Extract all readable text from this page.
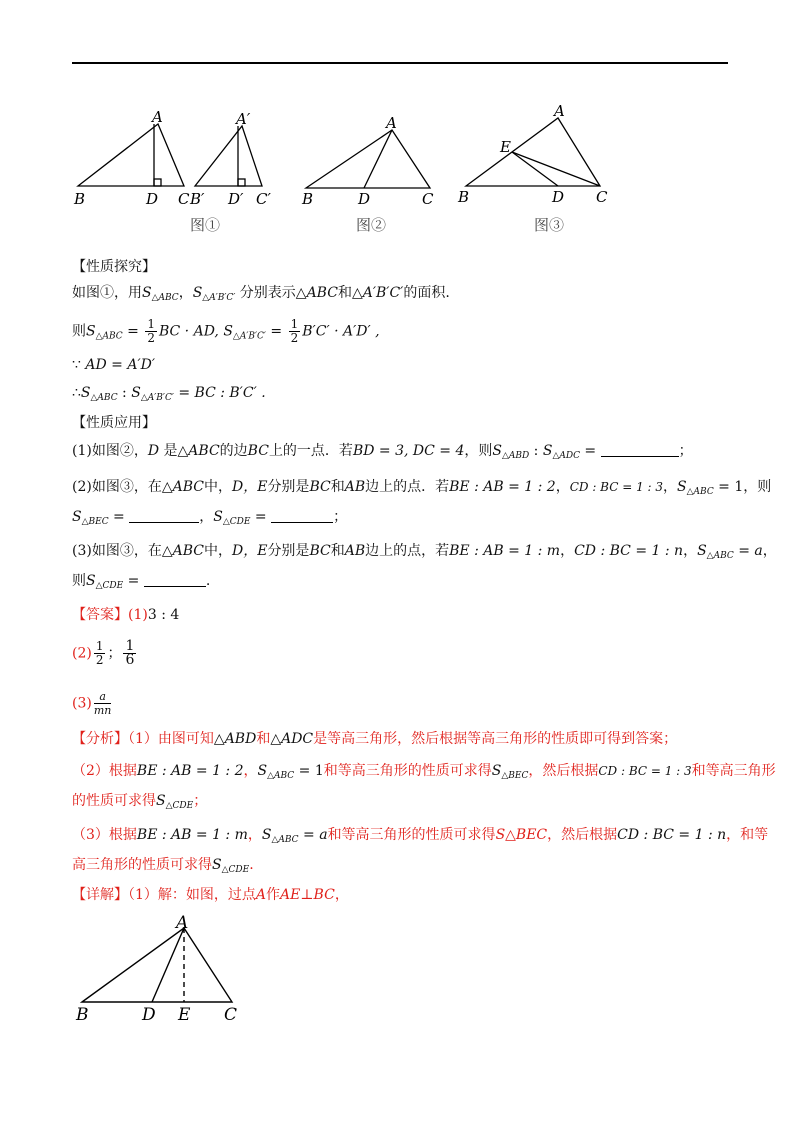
A	A′
B	D C B′ D′ C′
图①
A
B	D	C
图②
A
E
B	D C
图③
【性质探究】
如图①，用$S_{\triangle ABC}$，$S_{\triangle A'B'C'}$ 分别表示△ABC和△A′B′C′的面积.
则$S_{\triangle ABC} = \frac{1}{2}$ BC · AD, $S_{\triangle A'B'C'} = \frac{1}{2} B'C' \cdot A'D'$ ,
∵ AD = A′D′
$\therefore S_{\triangle ABC}$ : $S_{\triangle A'B'C'}$ = BC : B′C′ .
【性质应用】
(1)如图②，D 是△ABC的边BC上的一点．若BD = 3, DC = 4，则$S_{\triangle ABD}$ : $S_{\triangle ADC}$ =	；
(2)如图③，在△ABC中，D，E分别是BC和AB边上的点．若BE : AB = 1 : 2，CD : BC = 1 : 3，$S_{\triangle ABC} = 1$，则
$S_{\triangle BEC}$ =	，$S_{\triangle CDE}$ =	；
(3)如图③，在△ABC中，D，E分别是BC和AB边上的点，若BE : AB = 1 : m，CD : BC = 1 : n，$S_{\triangle ABC} = a$，
则$S_{\triangle CDE}$ =	.
【答案】(1)3 : 4
$(2) \frac{1}{2}$ ； $\frac{1}{6}$
$(3) \frac{a}{mn}$
【分析】（1）由图可知△ABD和△ADC是等高三角形，然后根据等高三角形的性质即可得到答案；
（2）根据BE : AB = 1 : 2，$S_{\triangle ABC} = 1$和等高三角形的性质可求得$S_{\triangle BEC}$，然后根据CD : BC = 1 : 3和等高三角形
的性质可求得$S_{\triangle CDE}$；
（3）根据BE : AB = 1 : m，$S_{\triangle ABC} = a$和等高三角形的性质可求得S△BEC，然后根据CD : BC = 1 : n，和等
高三角形的性质可求得$S_{\triangle CDE}$.
【详解】（1）解：如图，过点A作AE⊥BC，
A
B	D E C
